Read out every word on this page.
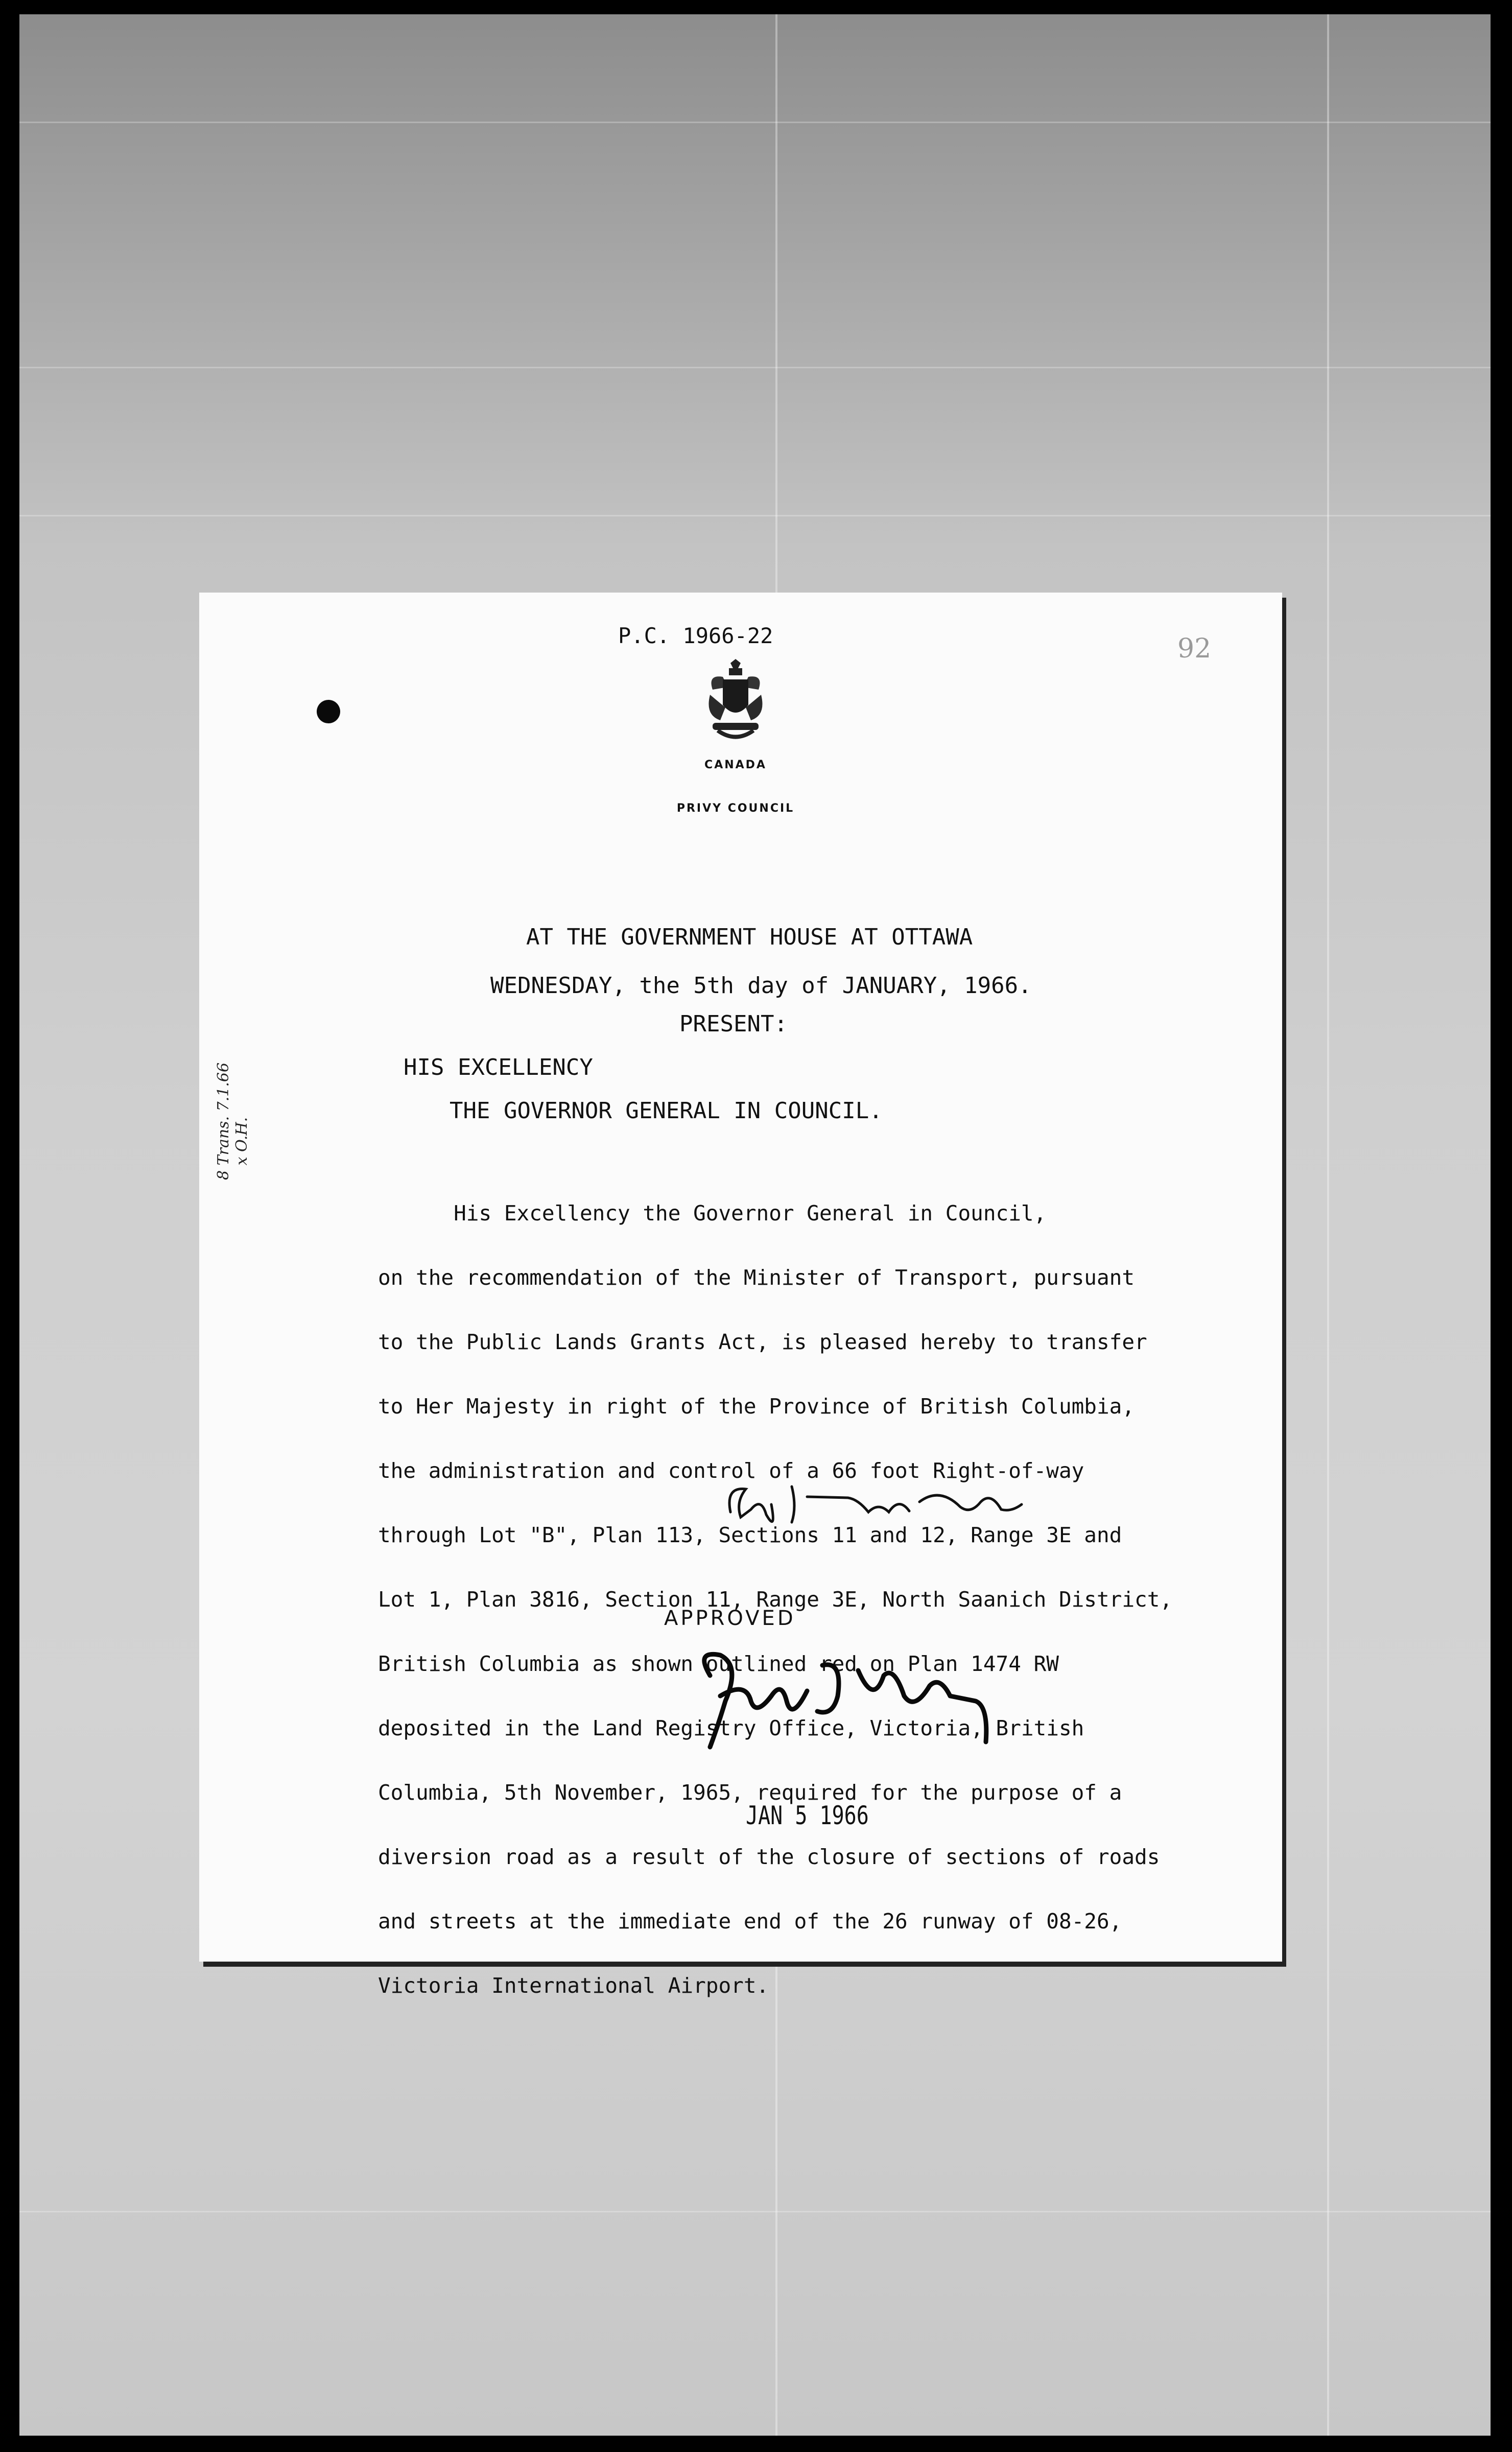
P.C. 1966-22	92
CANADA
PRIVY COUNCIL
AT THE GOVERNMENT HOUSE AT OTTAWA
WEDNESDAY, the 5th day of JANUARY, 1966.
PRESENT:
HIS EXCELLENCY
THE GOVERNOR GENERAL IN COUNCIL.

His Excellency the Governor General in Council,

on the recommendation of the Minister of Transport, pursuant

to the Public Lands Grants Act, is pleased hereby to transfer

to Her Majesty in right of the Province of British Columbia,

the administration and control of a 66 foot Right-of-way

through Lot "B", Plan 113, Sections 11 and 12, Range 3E and

Lot 1, Plan 3816, Section 11, Range 3E, North Saanich District,

British Columbia as shown outlined red on Plan 1474 RW

deposited in the Land Registry Office, Victoria, British

Columbia, 5th November, 1965, required for the purpose of a

diversion road as a result of the closure of sections of roads

and streets at the immediate end of the 26 runway of 08-26,

Victoria International Airport.

APPROVED
JAN 5 1966
8 Trans. 7.1.66
x O.H.
